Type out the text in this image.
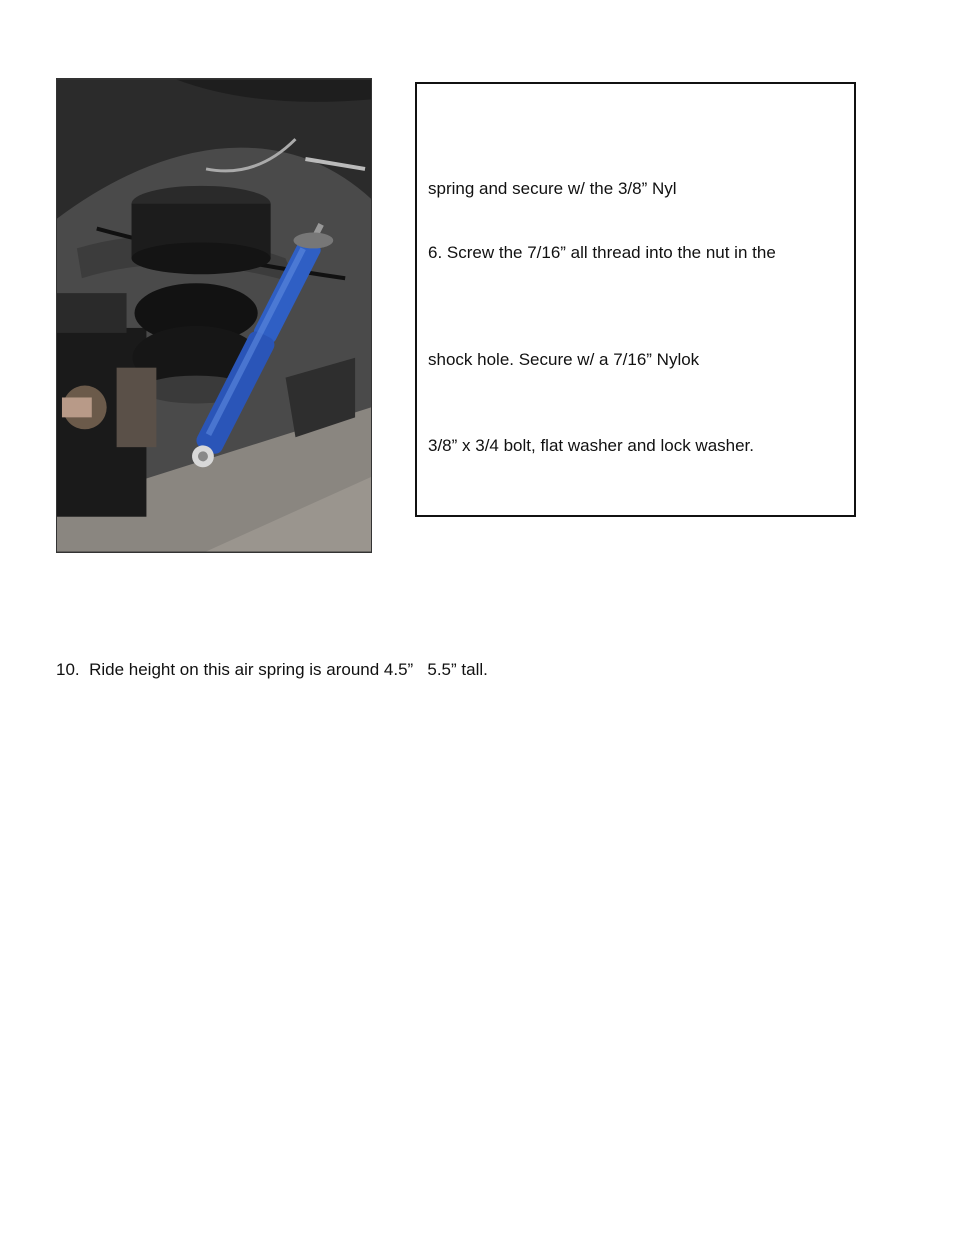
spring and secure w/ the 3/8” Nyl
6. Screw the 7/16” all thread into the nut in the
shock hole. Secure w/ a 7/16” Nylok
3/8” x 3/4 bolt, flat washer and lock washer.
10.  Ride height on this air spring is around 4.5”   5.5” tall.
